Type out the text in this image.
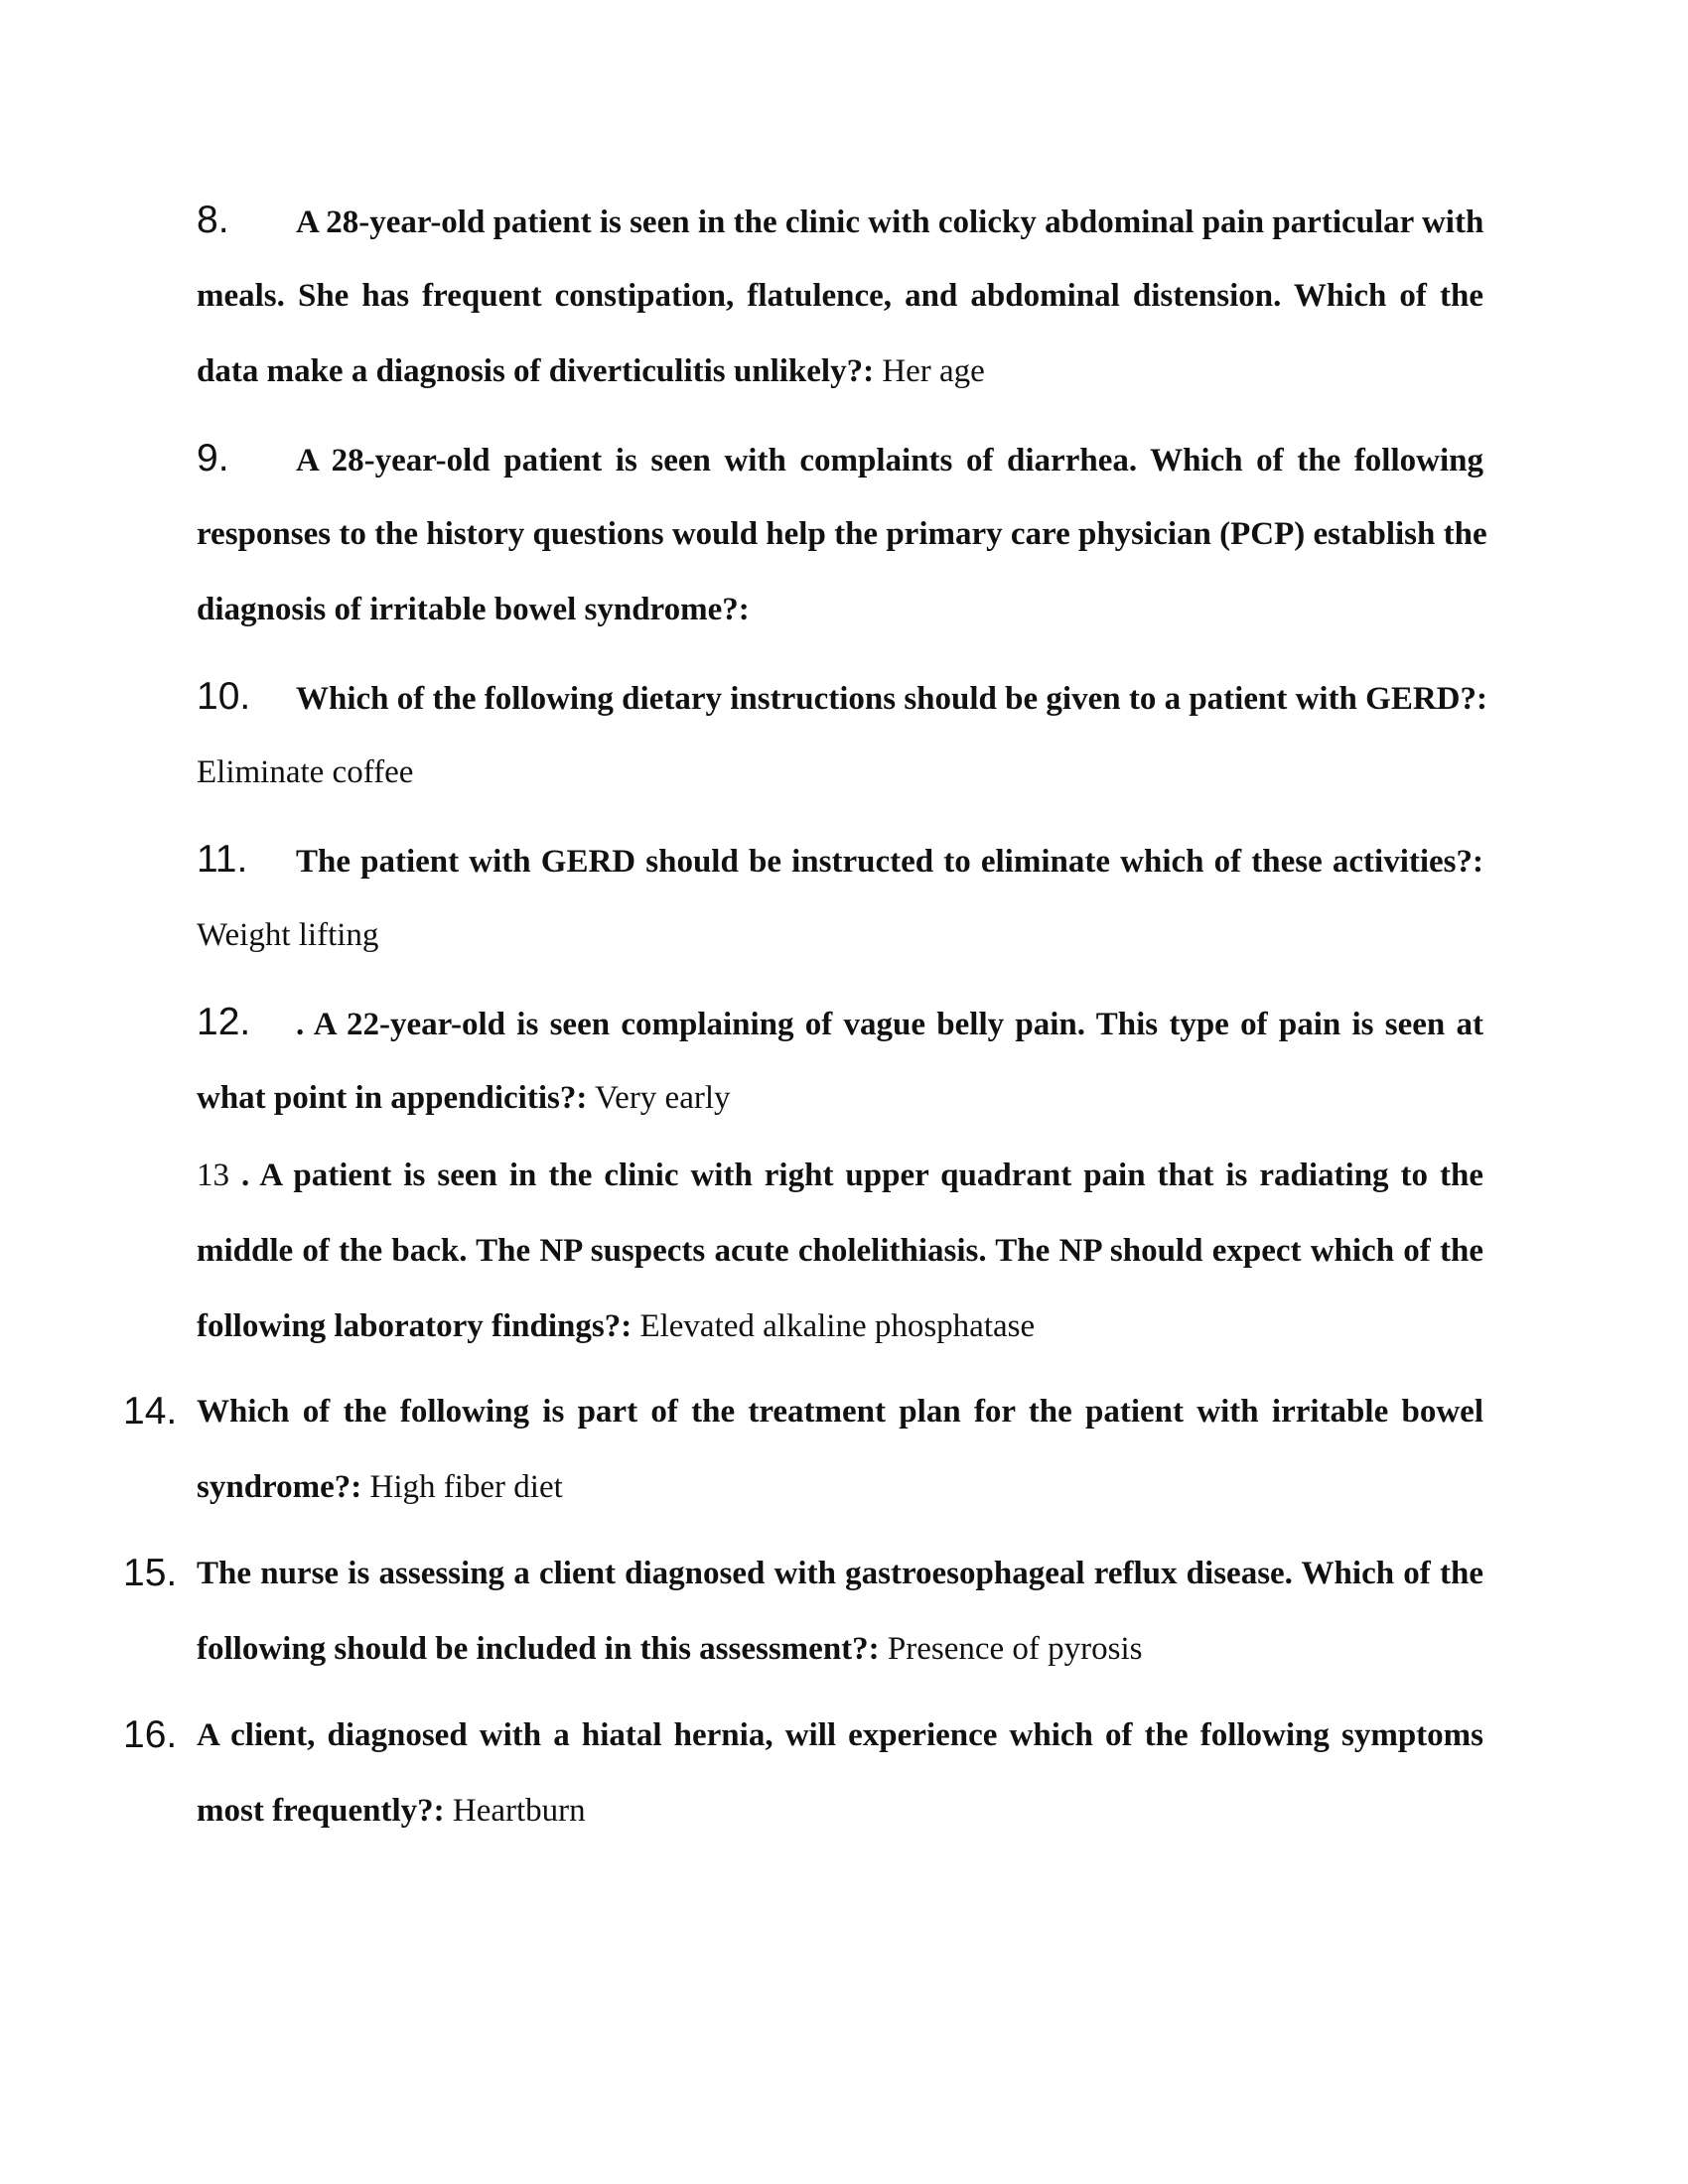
8. A 28-year-old patient is seen in the clinic with colicky abdominal pain particular with
meals. She has frequent constipation, flatulence, and abdominal distension. Which of the
data make a diagnosis of diverticulitis unlikely?: Her age
9. A 28-year-old patient is seen with complaints of diarrhea. Which of the following
responses to the history questions would help the primary care physician (PCP) establish the
diagnosis of irritable bowel syndrome?:
10. Which of the following dietary instructions should be given to a patient with GERD?:
Eliminate coffee
11. The patient with GERD should be instructed to eliminate which of these activities?:
Weight lifting
12. . A 22-year-old is seen complaining of vague belly pain. This type of pain is seen at
what point in appendicitis?: Very early
13 . A patient is seen in the clinic with right upper quadrant pain that is radiating to the
middle of the back. The NP suspects acute cholelithiasis. The NP should expect which of the
following laboratory findings?: Elevated alkaline phosphatase
14. Which of the following is part of the treatment plan for the patient with irritable bowel
syndrome?: High fiber diet
15. The nurse is assessing a client diagnosed with gastroesophageal reflux disease. Which of the
following should be included in this assessment?: Presence of pyrosis
16. A client, diagnosed with a hiatal hernia, will experience which of the following symptoms
most frequently?: Heartburn
